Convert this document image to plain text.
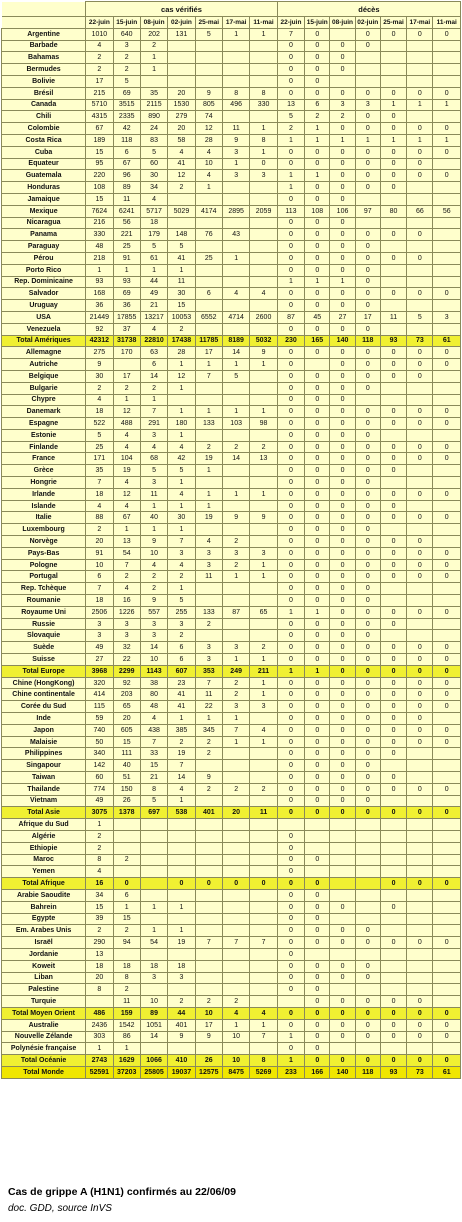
	cas vérifiés							décès						
	22-juin	15-juin	08-juin	02-juin	25-mai	17-mai	11-mai	22-juin	15-juin	08-juin	02-juin	25-mai	17-mai	11-mai
Argentine	1010	640	202	131	5	1	1	7	0		0	0	0	0
Barbade	4	3	2					0	0	0	0			
Bahamas	2	2	1					0	0	0				
Bermudes	2	2	1					0	0	0				
Bolivie	17	5						0	0					
Brésil	215	69	35	20	9	8	8	0	0	0	0	0	0	0
Canada	5710	3515	2115	1530	805	496	330	13	6	3	3	1	1	1
Chili	4315	2335	890	279	74			5	2	2	0	0		
Colombie	67	42	24	20	12	11	1	2	1	0	0	0	0	0
Costa Rica	189	118	83	58	28	9	8	1	1	1	1	1	1	1
Cuba	15	6	5	4	4	3	1	0	0	0	0	0	0	0
Equateur	95	67	60	41	10	1	0	0	0	0	0	0	0	
Guatemala	220	96	30	12	4	3	3	1	1	0	0	0	0	0
Honduras	108	89	34	2	1			1	0	0	0	0		
Jamaique	15	11	4					0	0	0				
Mexique	7624	6241	5717	5029	4174	2895	2059	113	108	106	97	80	66	56
Nicaragua	216	56	18					0	0	0				
Panama	330	221	179	148	76	43		0	0	0	0	0	0	
Paraguay	48	25	5	5				0	0	0	0			
Pérou	218	91	61	41	25	1		0	0	0	0	0	0	
Porto Rico	1	1	1	1				0	0	0	0			
Rep. Dominicaine	93	93	44	11				1	1	1	0			
Salvador	168	69	49	30	6	4	4	0	0	0	0	0	0	0
Uruguay	36	36	21	15				0	0	0	0			
USA	21449	17855	13217	10053	6552	4714	2600	87	45	27	17	11	5	3
Venezuela	92	37	4	2				0	0	0	0			
Total Amériques	42312	31738	22810	17438	11785	8189	5032	230	165	140	118	93	73	61
Allemagne	275	170	63	28	17	14	9	0	0	0	0	0	0	0
Autriche	9		6	1	1	1	1	0		0	0	0	0	0
Belgique	30	17	14	12	7	5		0	0	0	0	0	0	
Bulgarie	2	2	2	1				0	0	0	0			
Chypre	4	1	1					0	0	0				
Danemark	18	12	7	1	1	1	1	0	0	0	0	0	0	0
Espagne	522	488	291	180	133	103	98	0	0	0	0	0	0	0
Estonie	5	4	3	1				0	0	0	0			
Finlande	25	4	4	4	2	2	2	0	0	0	0	0	0	0
France	171	104	68	42	19	14	13	0	0	0	0	0	0	0
Grèce	35	19	5	5	1			0	0	0	0	0		
Hongrie	7	4	3	1				0	0	0	0			
Irlande	18	12	11	4	1	1	1	0	0	0	0	0	0	0
Islande	4	4	1	1	1			0	0	0	0	0		
Italie	88	67	40	30	19	9	9	0	0	0	0	0	0	0
Luxembourg	2	1	1	1				0	0	0	0			
Norvège	20	13	9	7	4	2		0	0	0	0	0	0	
Pays-Bas	91	54	10	3	3	3	3	0	0	0	0	0	0	0
Pologne	10	7	4	4	3	2	1	0	0	0	0	0	0	0
Portugal	6	2	2	2	11	1	1	0	0	0	0	0	0	0
Rep. Tchèque	7	4	2	1				0	0	0	0			
Roumanie	18	16	9	5				0	0	0	0			
Royaume Uni	2506	1226	557	255	133	87	65	1	1	0	0	0	0	0
Russie	3	3	3	3	2			0	0	0	0	0		
Slovaquie	3	3	3	2				0	0	0	0			
Suède	49	32	14	6	3	3	2	0	0	0	0	0	0	0
Suisse	27	22	10	6	3	1	1	0	0	0	0	0	0	0
Total Europe	3968	2299	1143	607	353	249	211	1	1	0	0	0	0	0
Chine (HongKong)	320	92	38	23	7	2	1	0	0	0	0	0	0	0
Chine continentale	414	203	80	41	11	2	1	0	0	0	0	0	0	0
Corée du Sud	115	65	48	41	22	3	3	0	0	0	0	0	0	0
Inde	59	20	4	1	1	1		0	0	0	0	0	0	
Japon	740	605	438	385	345	7	4	0	0	0	0	0	0	0
Malaisie	50	15	7	2	2	1	1	0	0	0	0	0	0	0
Philippines	340	111	33	19	2			0	0	0	0	0		
Singapour	142	40	15	7				0	0	0	0			
Taiwan	60	51	21	14	9			0	0	0	0	0		
Thailande	774	150	8	4	2	2	2	0	0	0	0	0	0	0
Vietnam	49	26	5	1				0	0	0	0			
Total Asie	3075	1378	697	538	401	20	11	0	0	0	0	0	0	0
Afrique du Sud	1													
Algérie	2							0						
Ethiopie	2							0						
Maroc	8	2						0	0					
Yemen	4							0						
Total Afrique	16	0		0	0	0	0	0	0			0	0	0
Arabie Saoudite	34	6						0	0					
Bahrein	15	1	1	1				0	0	0		0		
Egypte	39	15						0	0					
Em. Arabes Unis	2	2	1	1				0	0	0	0			
Israël	290	94	54	19	7	7	7	0	0	0	0	0	0	0
Jordanie	13							0						
Koweit	18	18	18	18				0	0	0	0			
Liban	20	8	3	3				0	0	0	0			
Palestine	8	2						0	0					
Turquie		11	10	2	2	2			0	0	0	0	0	
Total Moyen Orient	486	159	89	44	10	4	4	0	0	0	0	0	0	0
Australie	2436	1542	1051	401	17	1	1	0	0	0	0	0	0	0
Nouvelle Zélande	303	86	14	9	9	10	7	1	0	0	0	0	0	0
Polynésie française	1	1						0	0					
Total Océanie	2743	1629	1066	410	26	10	8	1	0	0	0	0	0	0
Total Monde	52591	37203	25805	19037	12575	8475	5269	233	166	140	118	93	73	61
Cas de grippe A (H1N1) confirmés au 22/06/09
doc. GDD, source InVS
